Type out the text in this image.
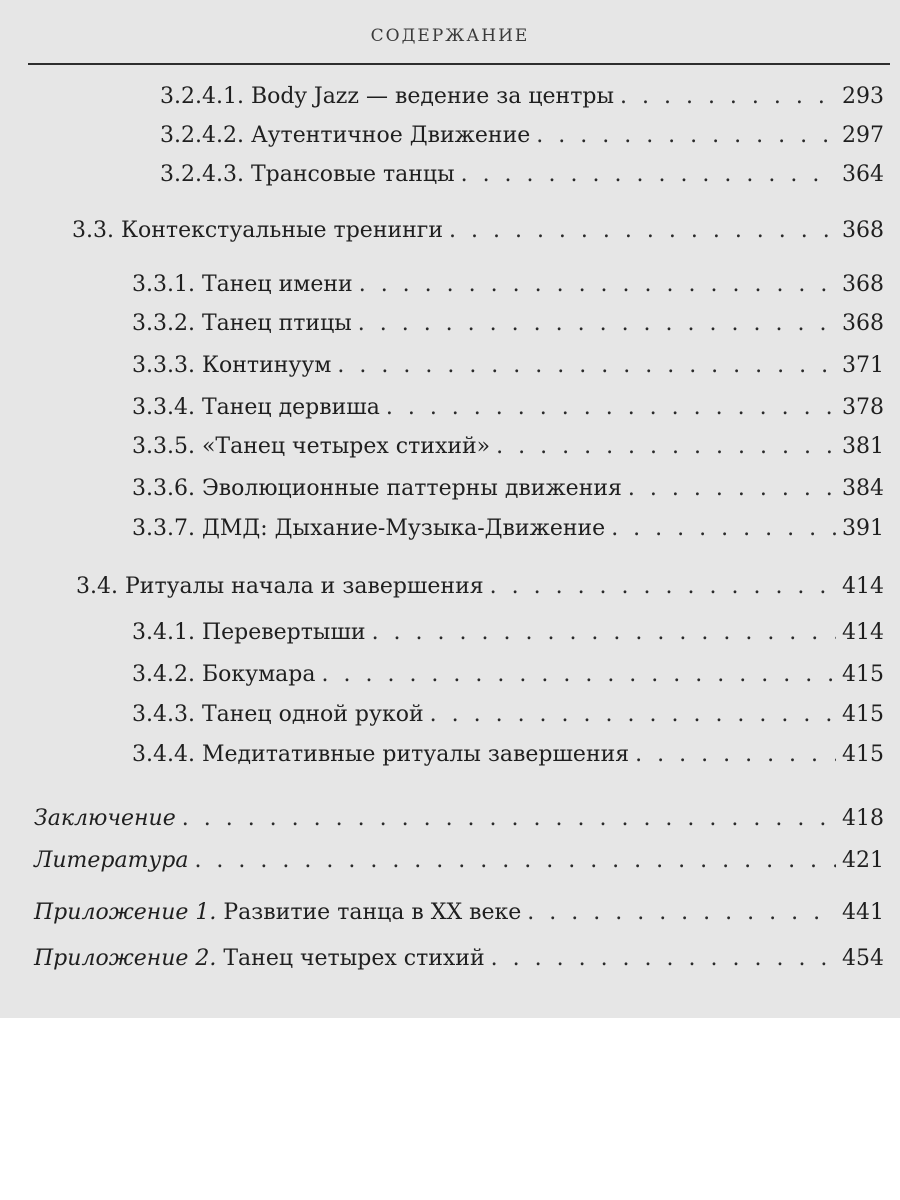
СОДЕРЖАНИЕ
3.2.4.1. Body Jazz — ведение за центры . . .	293
3.2.4.2. Аутентичное Движение . . .	297
3.2.4.3. Трансовые танцы . . .	364
3.3. Контекстуальные тренинги . . .	368
3.3.1. Танец имени . . .	368
3.3.2. Танец птицы . . .	368
3.3.3. Континуум . . .	371
3.3.4. Танец дервиша . . .	378
3.3.5. «Танец четырех стихий» . . .	381
3.3.6. Эволюционные паттерны движения . . .	384
3.3.7. ДМД: Дыхание-Музыка-Движение . . .	391
3.4. Ритуалы начала и завершения . . .	414
3.4.1. Перевертыши . . .	414
3.4.2. Бокумара . . .	415
3.4.3. Танец одной рукой . . .	415
3.4.4. Медитативные ритуалы завершения . . .	415
Заключение . . .	418
Литература . . .	421
Приложение 1. Развитие танца в XX веке . . .	441
Приложение 2. Танец четырех стихий . . .	454
